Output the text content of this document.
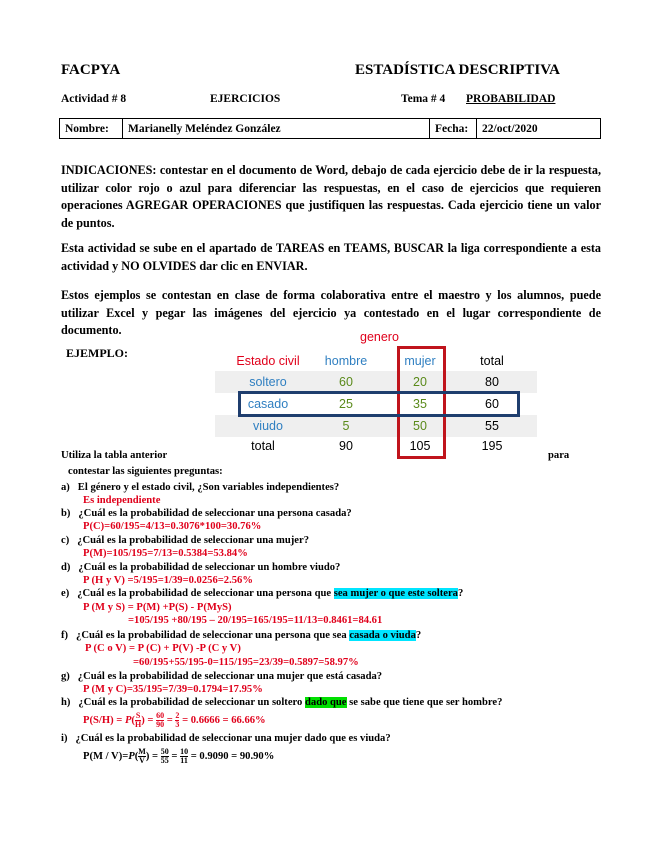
FACPYA	ESTADÍSTICA DESCRIPTIVA
Actividad # 8	EJERCICIOS	Tema # 4 PROBABILIDAD
Nombre:	Marianelly Meléndez González	Fecha:	22/oct/2020
INDICACIONES: contestar en el documento de Word, debajo de cada ejercicio debe de ir la respuesta, utilizar color rojo o azul para diferenciar las respuestas, en el caso de ejercicios que requieren operaciones AGREGAR OPERACIONES que justifiquen las respuestas. Cada ejercicio tiene un valor de puntos.
Esta actividad se sube en el apartado de TAREAS en TEAMS, BUSCAR la liga correspondiente a esta actividad y NO OLVIDES dar clic en ENVIAR.
Estos ejemplos se contestan en clase de forma colaborativa entre el maestro y los alumnos, puede utilizar Excel y pegar las imágenes del ejercicio ya contestado en el lugar correspondiente de documento.
EJEMPLO:
genero
Estado civil	hombre	mujer	total
soltero	60	20	80
casado	25	35	60
viudo	5	50	55
total	90	105	195
Utiliza la tabla anterior	para
contestar las siguientes preguntas:
a) El género y el estado civil, ¿Son variables independientes?
Es independiente
b) ¿Cuál es la probabilidad de seleccionar una persona casada?
P(C)=60/195=4/13=0.3076*100=30.76%
c) ¿Cuál es la probabilidad de seleccionar una mujer?
P(M)=105/195=7/13=0.5384=53.84%
d) ¿Cuál es la probabilidad de seleccionar un hombre viudo?
P (H y V) =5/195=1/39=0.0256=2.56%
e) ¿Cuál es la probabilidad de seleccionar una persona que sea mujer o que este soltera?
P (M y S) = P(M) +P(S) - P(MyS)
=105/195 +80/195 – 20/195=165/195=11/13=0.8461=84.61
f) ¿Cuál es la probabilidad de seleccionar una persona que sea casada o viuda?
P (C o V) = P (C) + P(V) -P (C y V)
=60/195+55/195-0=115/195=23/39=0.5897=58.97%
g) ¿Cuál es la probabilidad de seleccionar una mujer que está casada?
P (M y C)=35/195=7/39=0.1794=17.95%
h) ¿Cuál es la probabilidad de seleccionar un soltero dado que se sabe que tiene que ser hombre?
$P(S/H) = P( \frac{S}{H}$ ) = $\frac{60}{90} = \frac{2}{3} = 0.6666 = 66.66\%$
i) ¿Cuál es la probabilidad de seleccionar una mujer dado que es viuda?
$P(M / V)=P( \frac{M}{V}$ ) = $\frac{50}{55} = \frac{10}{11} = 0.9090 = 90.90\%$
